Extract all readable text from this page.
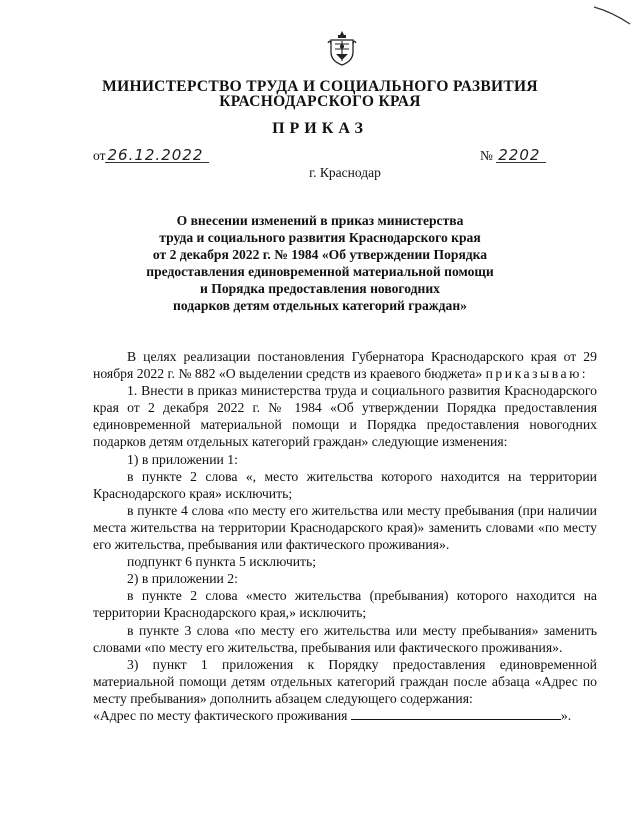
МИНИСТЕРСТВО ТРУДА И СОЦИАЛЬНОГО РАЗВИТИЯ
КРАСНОДАРСКОГО КРАЯ
ПРИКАЗ
от 26.12.2022	№ 2202
г. Краснодар
О внесении изменений в приказ министерства
труда и социального развития Краснодарского края
от 2 декабря 2022 г. № 1984 «Об утверждении Порядка
предоставления единовременной материальной помощи
и Порядка предоставления новогодних
подарков детям отдельных категорий граждан»

В целях реализации постановления Губернатора Краснодарского края от 29 ноября 2022 г. № 882 «О выделении средств из краевого бюджета» приказываю:

1. Внести в приказ министерства труда и социального развития Краснодарского края от 2 декабря 2022 г. № 1984 «Об утверждении Порядка предоставления единовременной материальной помощи и Порядка предоставления новогодних подарков детям отдельных категорий граждан» следующие изменения:

1) в приложении 1:

в пункте 2 слова «, место жительства которого находится на территории Краснодарского края» исключить;

в пункте 4 слова «по месту его жительства или месту пребывания (при наличии места жительства на территории Краснодарского края)» заменить словами «по месту его жительства, пребывания или фактического проживания».

подпункт 6 пункта 5 исключить;

2) в приложении 2:

в пункте 2 слова «место жительства (пребывания) которого находится на территории Краснодарского края,» исключить;

в пункте 3 слова «по месту его жительства или месту пребывания» заменить словами «по месту его жительства, пребывания или фактического проживания».

3) пункт 1 приложения к Порядку предоставления единовременной материальной помощи детям отдельных категорий граждан после абзаца «Адрес по месту пребывания» дополнить абзацем следующего содержания:

«Адрес по месту фактического проживания	».
